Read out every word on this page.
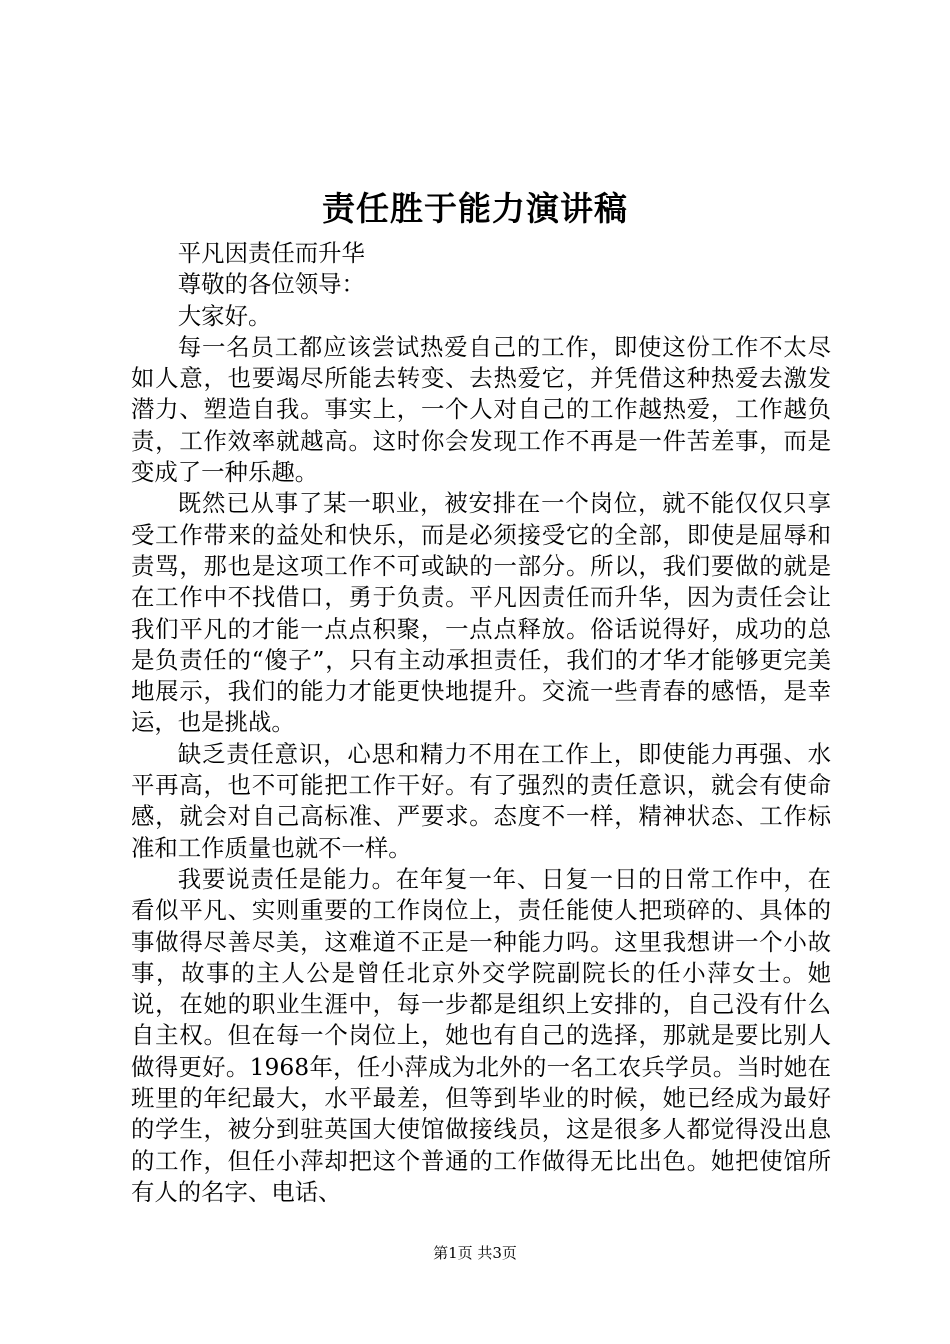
责任胜于能力演讲稿

平凡因责任而升华

尊敬的各位领导：

大家好。

每一名员工都应该尝试热爱自己的工作，即使这份工作不太尽如人意，也要竭尽所能去转变、去热爱它，并凭借这种热爱去激发潜力、塑造自我。事实上，一个人对自己的工作越热爱，工作越负责，工作效率就越高。这时你会发现工作不再是一件苦差事，而是变成了一种乐趣。

既然已从事了某一职业，被安排在一个岗位，就不能仅仅只享受工作带来的益处和快乐，而是必须接受它的全部，即使是屈辱和责骂，那也是这项工作不可或缺的一部分。所以，我们要做的就是在工作中不找借口，勇于负责。平凡因责任而升华，因为责任会让我们平凡的才能一点点积聚，一点点释放。俗话说得好，成功的总是负责任的“傻子”，只有主动承担责任，我们的才华才能够更完美地展示，我们的能力才能更快地提升。交流一些青春的感悟，是幸运，也是挑战。

缺乏责任意识，心思和精力不用在工作上，即使能力再强、水平再高，也不可能把工作干好。有了强烈的责任意识，就会有使命感，就会对自己高标准、严要求。态度不一样，精神状态、工作标准和工作质量也就不一样。

我要说责任是能力。在年复一年、日复一日的日常工作中，在看似平凡、实则重要的工作岗位上，责任能使人把琐碎的、具体的事做得尽善尽美，这难道不正是一种能力吗。这里我想讲一个小故事，故事的主人公是曾任北京外交学院副院长的任小萍女士。她说，在她的职业生涯中，每一步都是组织上安排的，自己没有什么自主权。但在每一个岗位上，她也有自己的选择，那就是要比别人做得更好。1968年，任小萍成为北外的一名工农兵学员。当时她在班里的年纪最大，水平最差，但等到毕业的时候，她已经成为最好的学生，被分到驻英国大使馆做接线员，这是很多人都觉得没出息的工作，但任小萍却把这个普通的工作做得无比出色。她把使馆所有人的名字、电话、

第1页 共3页
